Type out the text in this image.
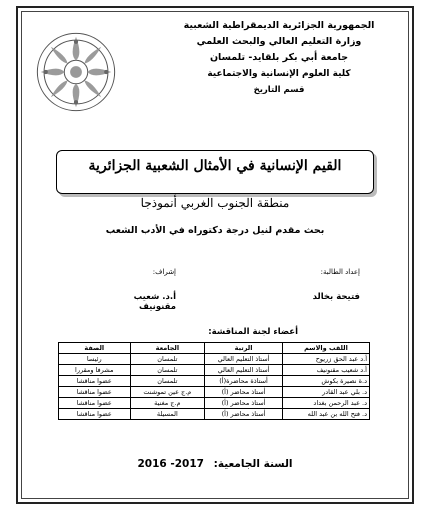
الجمهورية الجزائرية الديمقراطية الشعبية
وزارة التعليم العالي والبحث العلمي
جامعة أبي بكر بلقايد- تلمسان
كلية العلوم الإنسانية والاجتماعية
قسم التاريخ
القيم الإنسانية في الأمثال الشعبية الجزائرية
منطقة الجنوب الغربي أنموذجا
بحث مقدم لنيل درجة دكتوراه في الأدب الشعب
إعداد الطالبة:
فتيحة بخالد
إشراف:
أ.د. شعيب مقنونيف
أعضاء لجنة المناقشة:
اللقب والاسم	الرتبة	الجامعة	الصفة
أ.د عبد الحق زريوح	أستاذ التعليم العالي	تلمسان	رئيسا
أ.د شعيب مقنونيف	أستاذ التعليم العالي	تلمسان	مشرفا ومقررا
د.ة نصيرة بكوش	أستاذة محاضرة(أ)	تلمسان	عضوا مناقشا
د. بلي عبد القادر	أستاذ محاضر (أ)	م.ج عين تموشنت	عضوا مناقشا
د. عبد الرحمن بغداد	أستاذ محاضر (أ)	م.ج مغنية	عضوا مناقشا
د. فتح الله بن عبد الله	أستاذ محاضر (أ)	المسيلة	عضوا مناقشا
السنة الجامعية: 2016 -2017
